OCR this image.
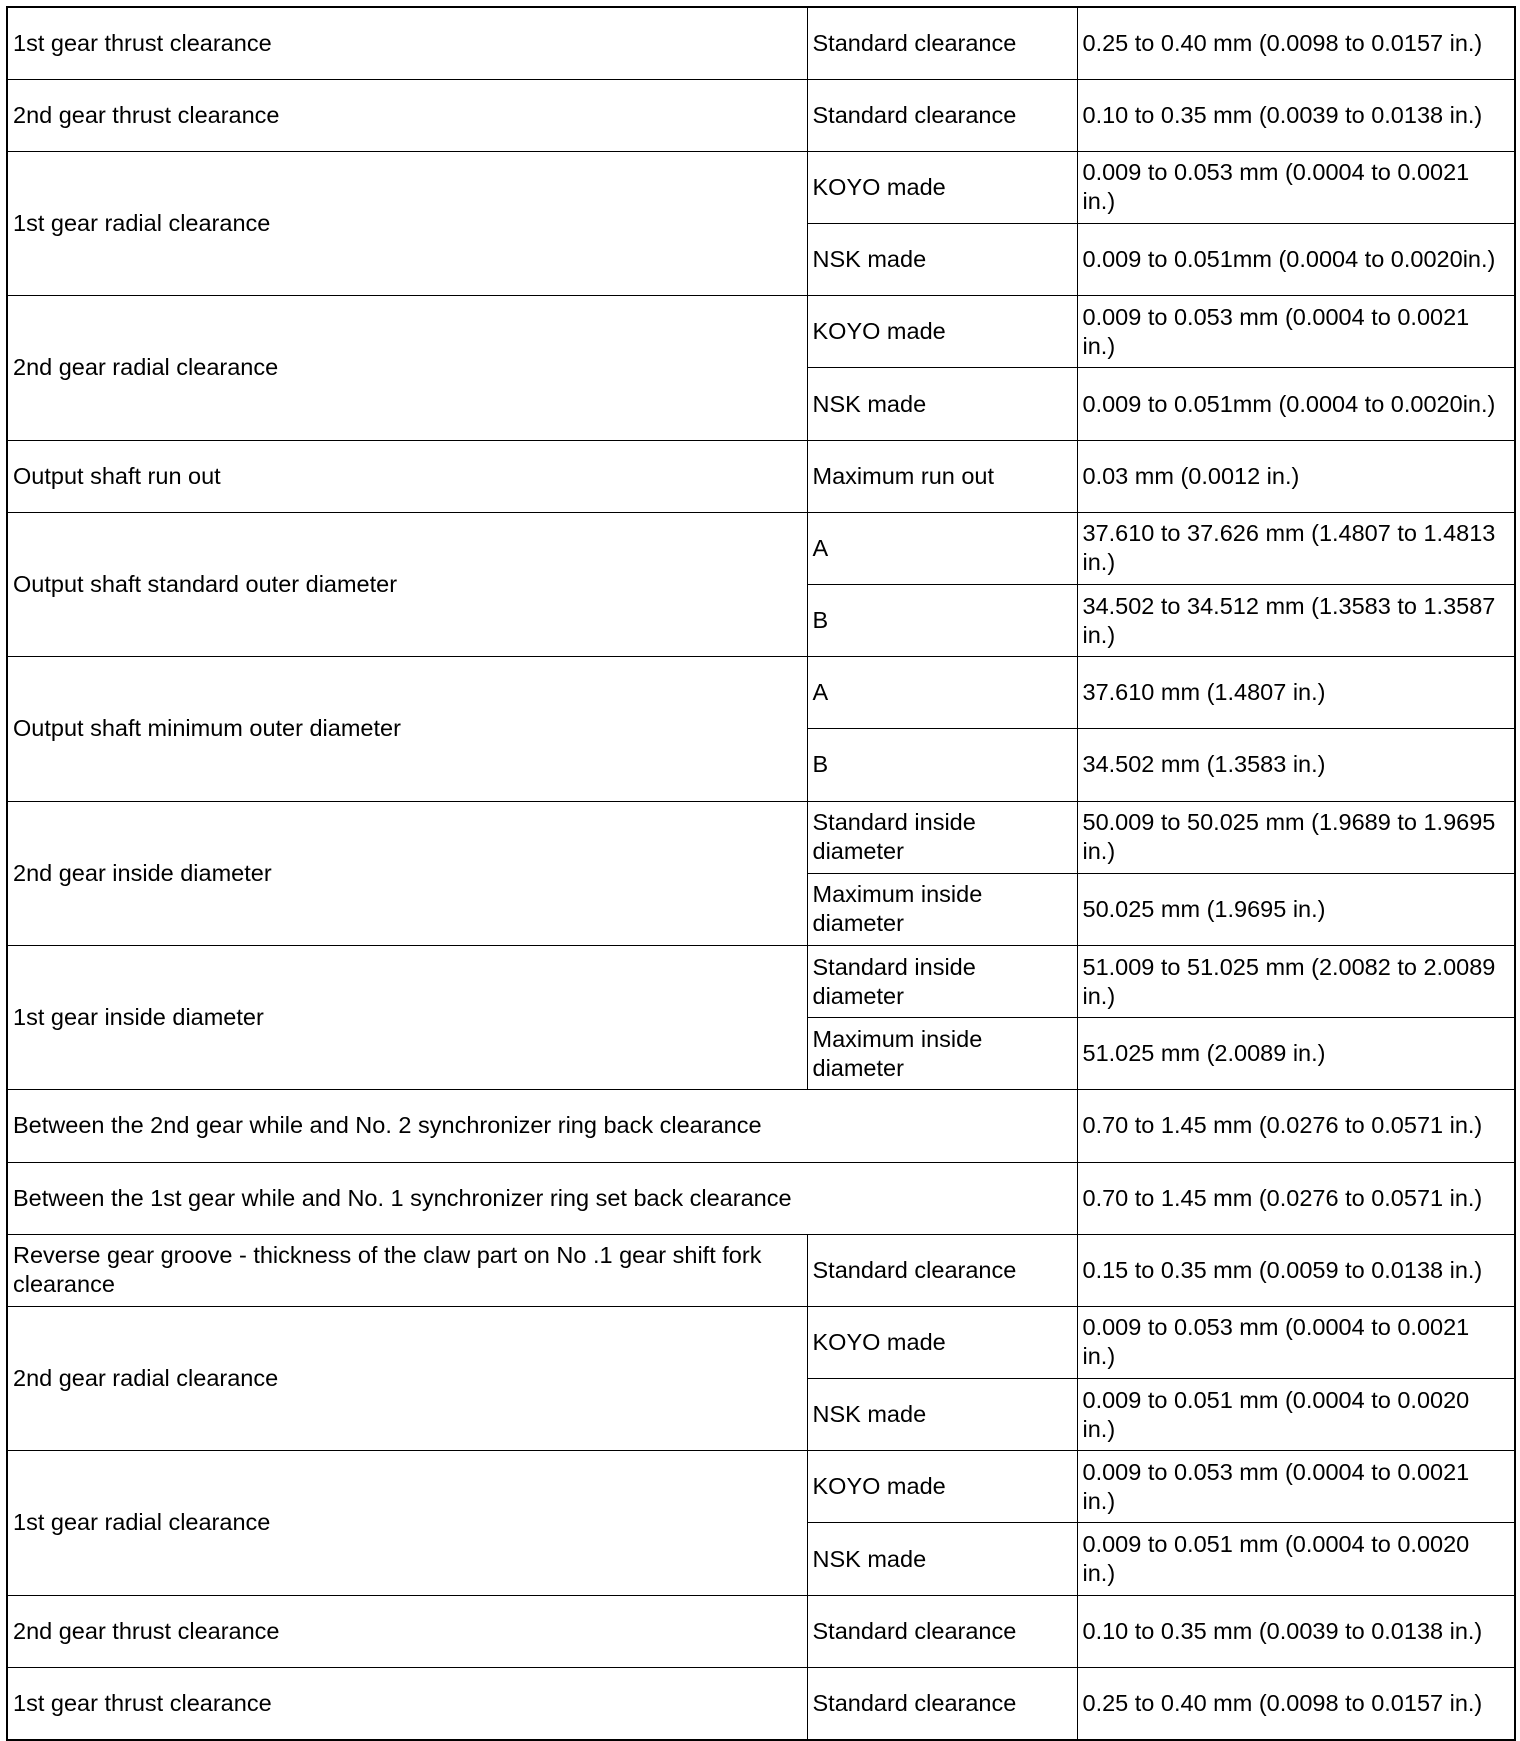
1st gear thrust clearance	Standard clearance	0.25 to 0.40 mm (0.0098 to 0.0157 in.)
2nd gear thrust clearance	Standard clearance	0.10 to 0.35 mm (0.0039 to 0.0138 in.)
1st gear radial clearance	KOYO made	0.009 to 0.053 mm (0.0004 to 0.0021 in.)
	NSK made	0.009 to 0.051mm (0.0004 to 0.0020in.)
2nd gear radial clearance	KOYO made	0.009 to 0.053 mm (0.0004 to 0.0021 in.)
	NSK made	0.009 to 0.051mm (0.0004 to 0.0020in.)
Output shaft run out	Maximum run out	0.03 mm (0.0012 in.)
Output shaft standard outer diameter	A	37.610 to 37.626 mm (1.4807 to 1.4813 in.)
	B	34.502 to 34.512 mm (1.3583 to 1.3587 in.)
Output shaft minimum outer diameter	A	37.610 mm (1.4807 in.)
	B	34.502 mm (1.3583 in.)
2nd gear inside diameter	Standard inside diameter	50.009 to 50.025 mm (1.9689 to 1.9695 in.)
	Maximum inside diameter	50.025 mm (1.9695 in.)
1st gear inside diameter	Standard inside diameter	51.009 to 51.025 mm (2.0082 to 2.0089 in.)
	Maximum inside diameter	51.025 mm (2.0089 in.)
Between the 2nd gear while and No. 2 synchronizer ring back clearance		0.70 to 1.45 mm (0.0276 to 0.0571 in.)
Between the 1st gear while and No. 1 synchronizer ring set back clearance		0.70 to 1.45 mm (0.0276 to 0.0571 in.)
Reverse gear groove - thickness of the claw part on No .1 gear shift fork clearance	Standard clearance	0.15 to 0.35 mm (0.0059 to 0.0138 in.)
2nd gear radial clearance	KOYO made	0.009 to 0.053 mm (0.0004 to 0.0021 in.)
	NSK made	0.009 to 0.051 mm (0.0004 to 0.0020 in.)
1st gear radial clearance	KOYO made	0.009 to 0.053 mm (0.0004 to 0.0021 in.)
	NSK made	0.009 to 0.051 mm (0.0004 to 0.0020 in.)
2nd gear thrust clearance	Standard clearance	0.10 to 0.35 mm (0.0039 to 0.0138 in.)
1st gear thrust clearance	Standard clearance	0.25 to 0.40 mm (0.0098 to 0.0157 in.)
